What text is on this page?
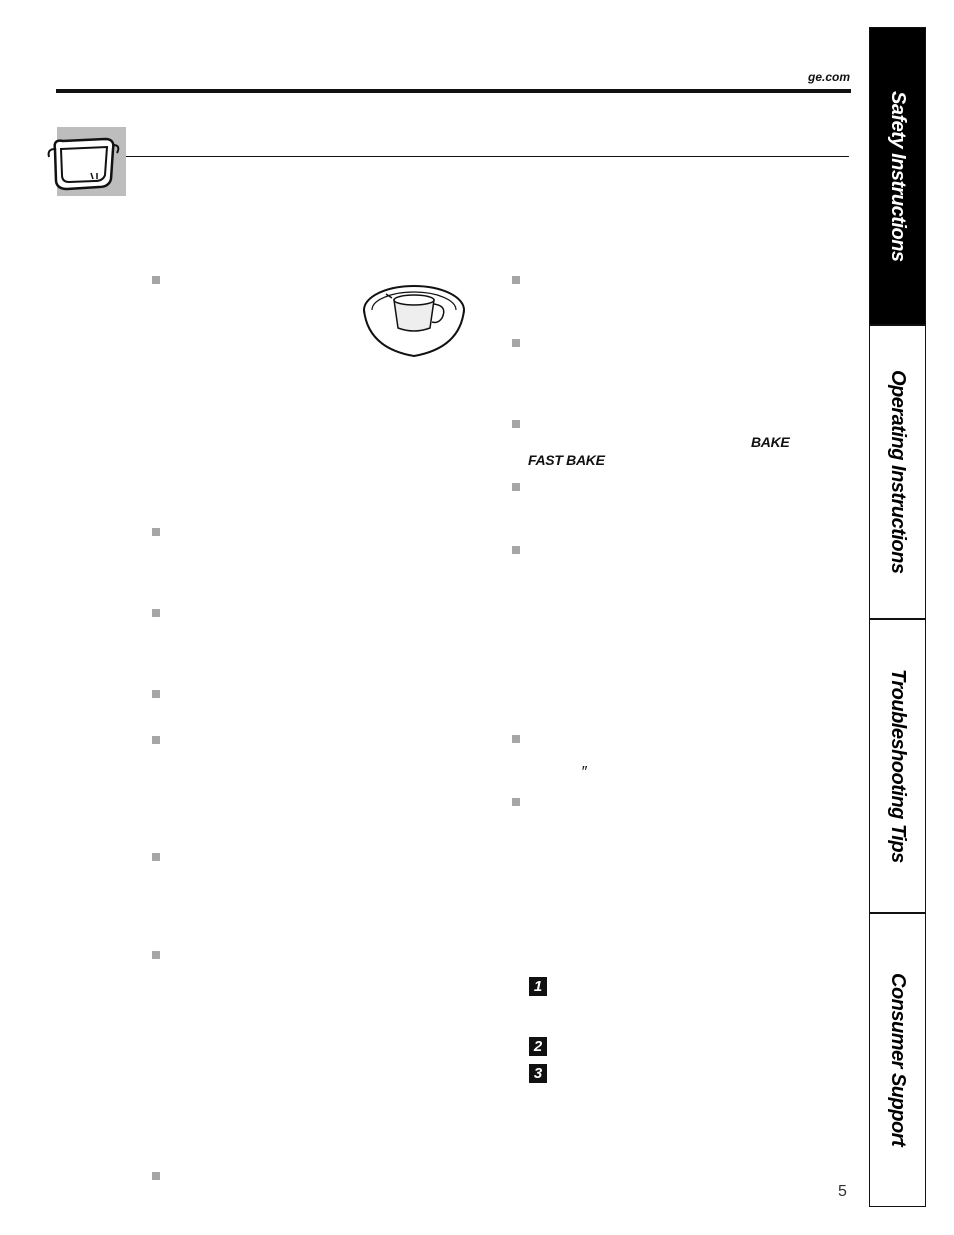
ge.com
BAKE
FAST BAKE
″
1
2
3
Safety Instructions
Operating Instructions
Troubleshooting Tips
Consumer Support
5
